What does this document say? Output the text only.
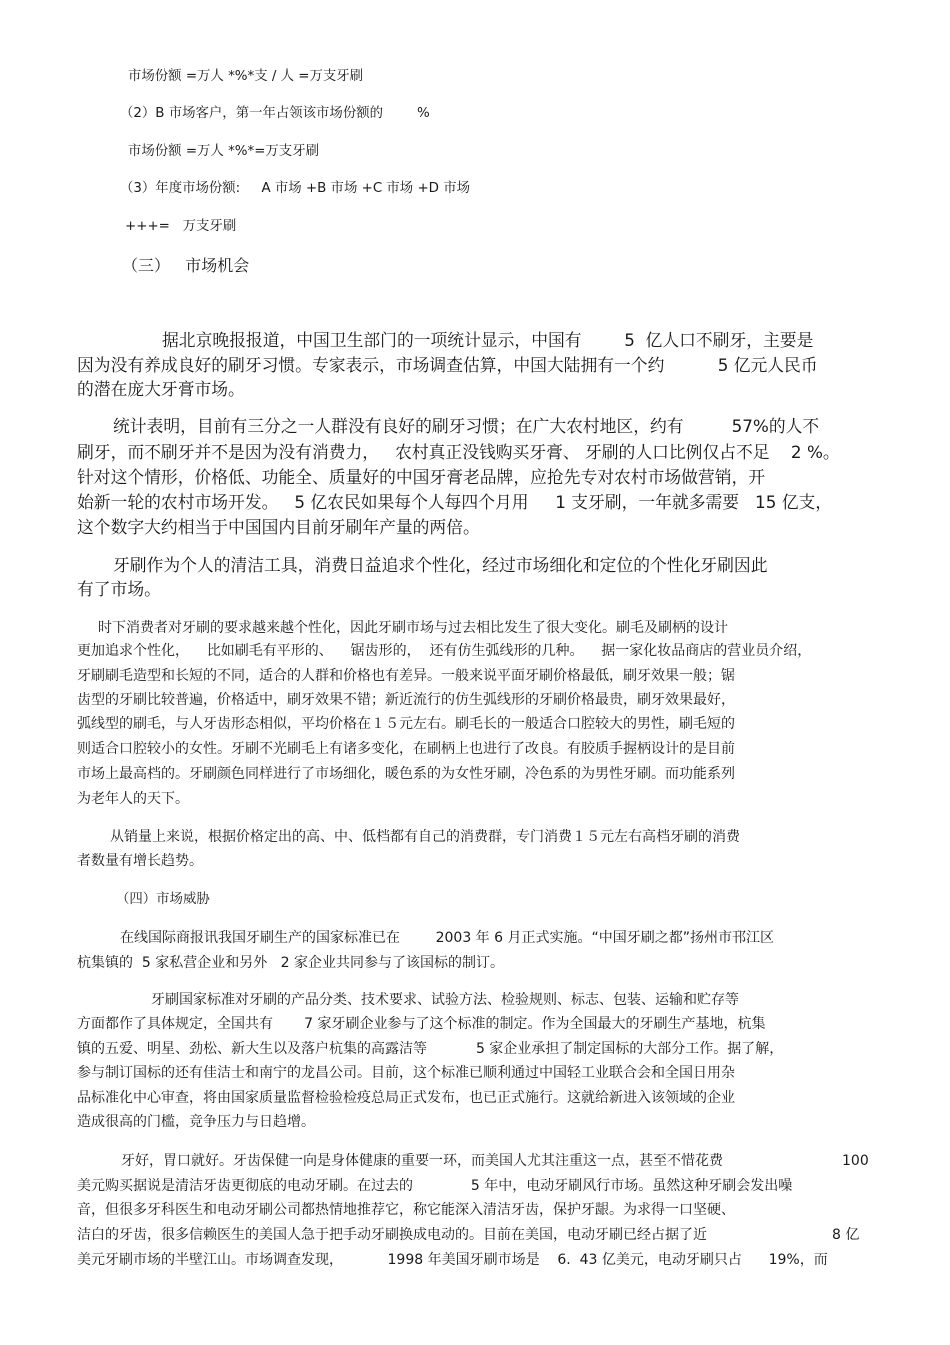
市场份额 =万人 *%*支 / 人 =万支牙刷
（2）B 市场客户，第一年占领该市场份额的        %
市场份额 =万人 *%*=万支牙刷
（3）年度市场份额:     A 市场 +B 市场 +C 市场 +D 市场
+++=   万支牙刷
（三）   市场机会
据北京晚报报道，中国卫生部门的一项统计显示，中国有        5  亿人口不刷牙，主要是
因为没有养成良好的刷牙习惯。专家表示，市场调查估算，中国大陆拥有一个约          5 亿元人民币
的潜在庞大牙膏市场。
统计表明，目前有三分之一人群没有良好的刷牙习惯；在广大农村地区，约有         57%的人不
刷牙，而不刷牙并不是因为没有消费力，   农村真正没钱购买牙膏、 牙刷的人口比例仅占不足    2 %。
针对这个情形，价格低、功能全、质量好的中国牙膏老品牌，应抢先专对农村市场做营销，开
始新一轮的农村市场开发。   5 亿农民如果每个人每四个月用     1 支牙刷，一年就多需要   15 亿支，
这个数字大约相当于中国国内目前牙刷年产量的两倍。
牙刷作为个人的清洁工具，消费日益追求个性化，经过市场细化和定位的个性化牙刷因此
有了市场。
时下消费者对牙刷的要求越来越个性化，因此牙刷市场与过去相比发生了很大变化。刷毛及刷柄的设计
更加追求个性化，    比如刷毛有平形的、    锯齿形的，  还有仿生弧线形的几种。    据一家化妆品商店的营业员介绍，
牙刷刷毛造型和长短的不同，适合的人群和价格也有差异。一般来说平面牙刷价格最低，刷牙效果一般；锯
齿型的牙刷比较普遍，价格适中，刷牙效果不错；新近流行的仿生弧线形的牙刷价格最贵，刷牙效果最好，
弧线型的刷毛，与人牙齿形态相似，平均价格在１５元左右。刷毛长的一般适合口腔较大的男性，刷毛短的
则适合口腔较小的女性。牙刷不光刷毛上有诸多变化，在刷柄上也进行了改良。有胶质手握柄设计的是目前
市场上最高档的。牙刷颜色同样进行了市场细化，暖色系的为女性牙刷，冷色系的为男性牙刷。而功能系列
为老年人的天下。
从销量上来说，根据价格定出的高、中、低档都有自己的消费群，专门消费１５元左右高档牙刷的消费
者数量有增长趋势。
（四）市场威胁
在线国际商报讯我国牙刷生产的国家标准已在        2003 年 6 月正式实施。“中国牙刷之都”扬州市邗江区
杭集镇的  5 家私营企业和另外   2 家企业共同参与了该国标的制订。
牙刷国家标准对牙刷的产品分类、技术要求、试验方法、检验规则、标志、包装、运输和贮存等
方面都作了具体规定，全国共有       7 家牙刷企业参与了这个标准的制定。作为全国最大的牙刷生产基地，杭集
镇的五爱、明星、劲松、新大生以及落户杭集的高露洁等           5 家企业承担了制定国标的大部分工作。据了解，
参与制订国标的还有佳洁士和南宁的龙昌公司。目前，这个标准已顺利通过中国轻工业联合会和全国日用杂
品标准化中心审查，将由国家质量监督检验检疫总局正式发布，也已正式施行。这就给新进入该领域的企业
造成很高的门槛，竞争压力与日趋增。
牙好，胃口就好。牙齿保健一向是身体健康的重要一环，而美国人尤其注重这一点，甚至不惜花费	100
美元购买据说是清洁牙齿更彻底的电动牙刷。在过去的             5 年中，电动牙刷风行市场。虽然这种牙刷会发出噪
音，但很多牙科医生和电动牙刷公司都热情地推荐它，称它能深入清洁牙齿，保护牙龈。为求得一口坚硬、
洁白的牙齿，很多信赖医生的美国人急于把手动牙刷换成电动的。目前在美国，电动牙刷已经占据了近	8 亿
美元牙刷市场的半壁江山。市场调查发现，          1998 年美国牙刷市场是    6.  43 亿美元，电动牙刷只占      19%，而
